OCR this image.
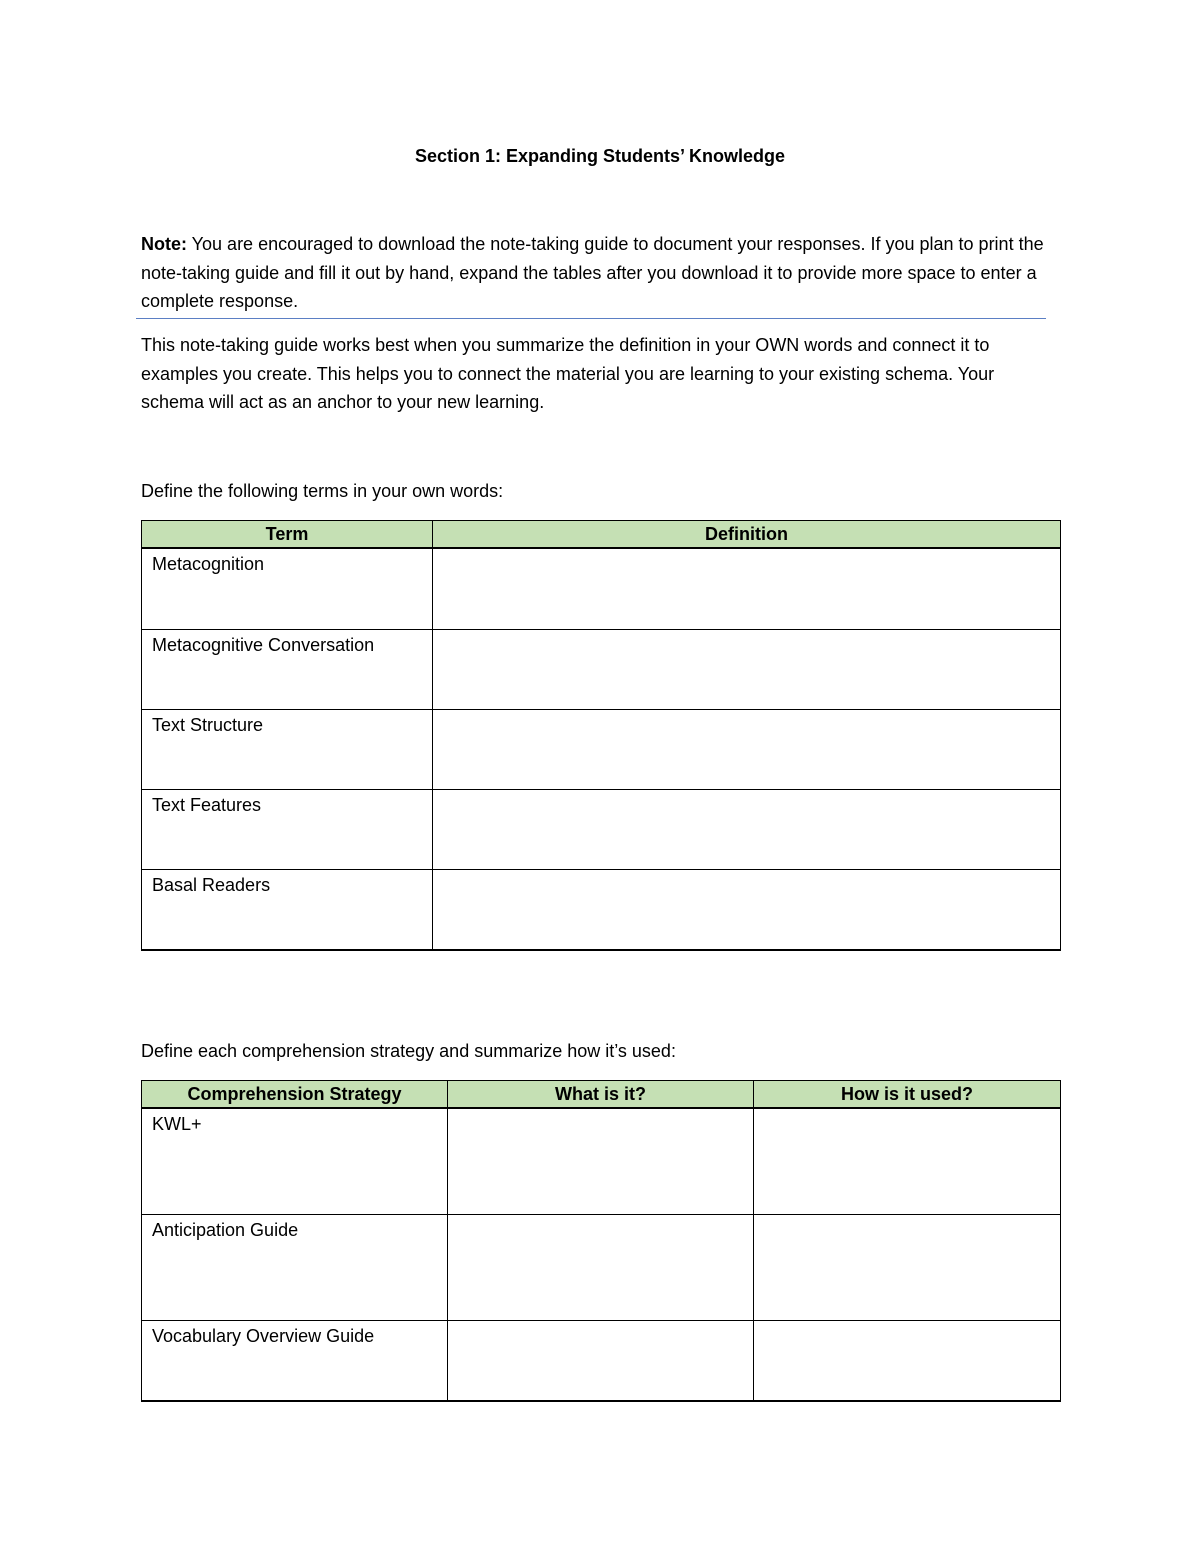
Section 1: Expanding Students’ Knowledge
Note: You are encouraged to download the note-taking guide to document your responses. If you plan to print the note-taking guide and fill it out by hand, expand the tables after you download it to provide more space to enter a complete response.
This note-taking guide works best when you summarize the definition in your OWN words and connect it to examples you create. This helps you to connect the material you are learning to your existing schema. Your schema will act as an anchor to your new learning.
Define the following terms in your own words:
Term	Definition
Metacognition	
Metacognitive Conversation	
Text Structure	
Text Features	
Basal Readers	
Define each comprehension strategy and summarize how it’s used:
Comprehension Strategy	What is it?	How is it used?
KWL+		
Anticipation Guide		
Vocabulary Overview Guide		
